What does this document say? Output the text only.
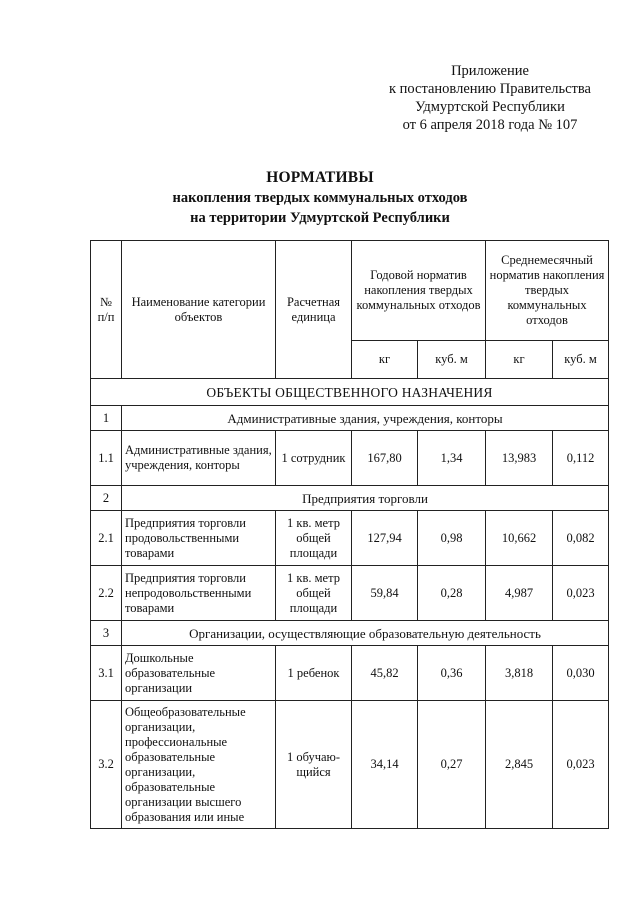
Приложение
к постановлению Правительства
Удмуртской Республики
от 6 апреля 2018 года № 107
НОРМАТИВЫ
накопления твердых коммунальных отходов
на территории Удмуртской Республики
№ п/п	Наименование категории объектов	Расчетная единица	Годовой норматив накопления твердых коммунальных отходов		Среднемесячный норматив накопления твердых коммунальных отходов	
			кг	куб. м	кг	куб. м
ОБЪЕКТЫ ОБЩЕСТВЕННОГО НАЗНАЧЕНИЯ						
1	Административные здания, учреждения, конторы					
1.1	Административные здания, учреждения, конторы	1 сотрудник	167,80	1,34	13,983	0,112
2	Предприятия торговли					
2.1	Предприятия торговли продовольственными товарами	1 кв. метр общей площади	127,94	0,98	10,662	0,082
2.2	Предприятия торговли непродовольственными товарами	1 кв. метр общей площади	59,84	0,28	4,987	0,023
3	Организации, осуществляющие образовательную деятельность					
3.1	Дошкольные образовательные организации	1 ребенок	45,82	0,36	3,818	0,030
3.2	Общеобразовательные организации, профессиональные образовательные организации, образовательные организации высшего образования или иные	1 обучаю-щийся	34,14	0,27	2,845	0,023
